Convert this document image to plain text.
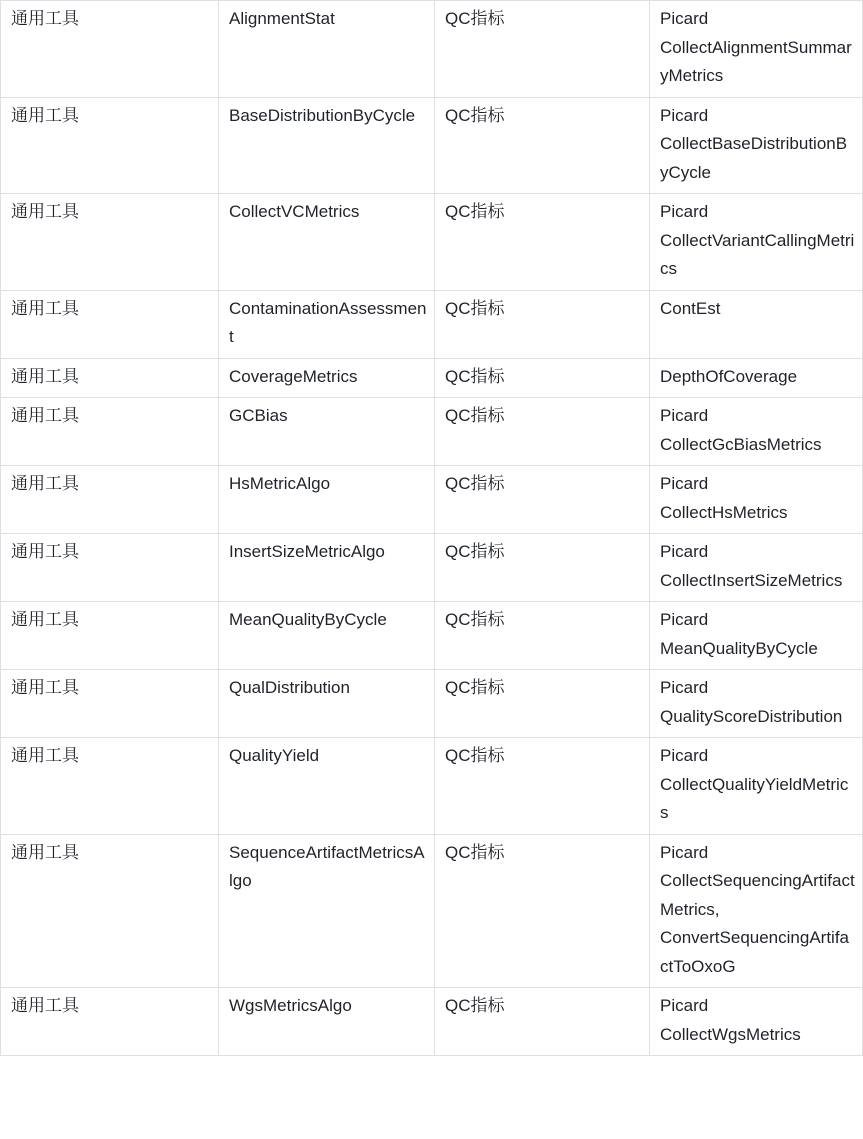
通用工具	AlignmentStat	QC指标	Picard
CollectAlignmentSummaryMetrics
通用工具	BaseDistributionByCycle	QC指标	Picard
CollectBaseDistributionByCycle
通用工具	CollectVCMetrics	QC指标	Picard
CollectVariantCallingMetrics
通用工具	ContaminationAssessment	QC指标	ContEst
通用工具	CoverageMetrics	QC指标	DepthOfCoverage
通用工具	GCBias	QC指标	Picard
CollectGcBiasMetrics
通用工具	HsMetricAlgo	QC指标	Picard
CollectHsMetrics
通用工具	InsertSizeMetricAlgo	QC指标	Picard
CollectInsertSizeMetrics
通用工具	MeanQualityByCycle	QC指标	Picard
MeanQualityByCycle
通用工具	QualDistribution	QC指标	Picard
QualityScoreDistribution
通用工具	QualityYield	QC指标	Picard
CollectQualityYieldMetrics
通用工具	SequenceArtifactMetricsAlgo	QC指标	Picard
CollectSequencingArtifactMetrics,
ConvertSequencingArtifactToOxoG
通用工具	WgsMetricsAlgo	QC指标	Picard
CollectWgsMetrics
